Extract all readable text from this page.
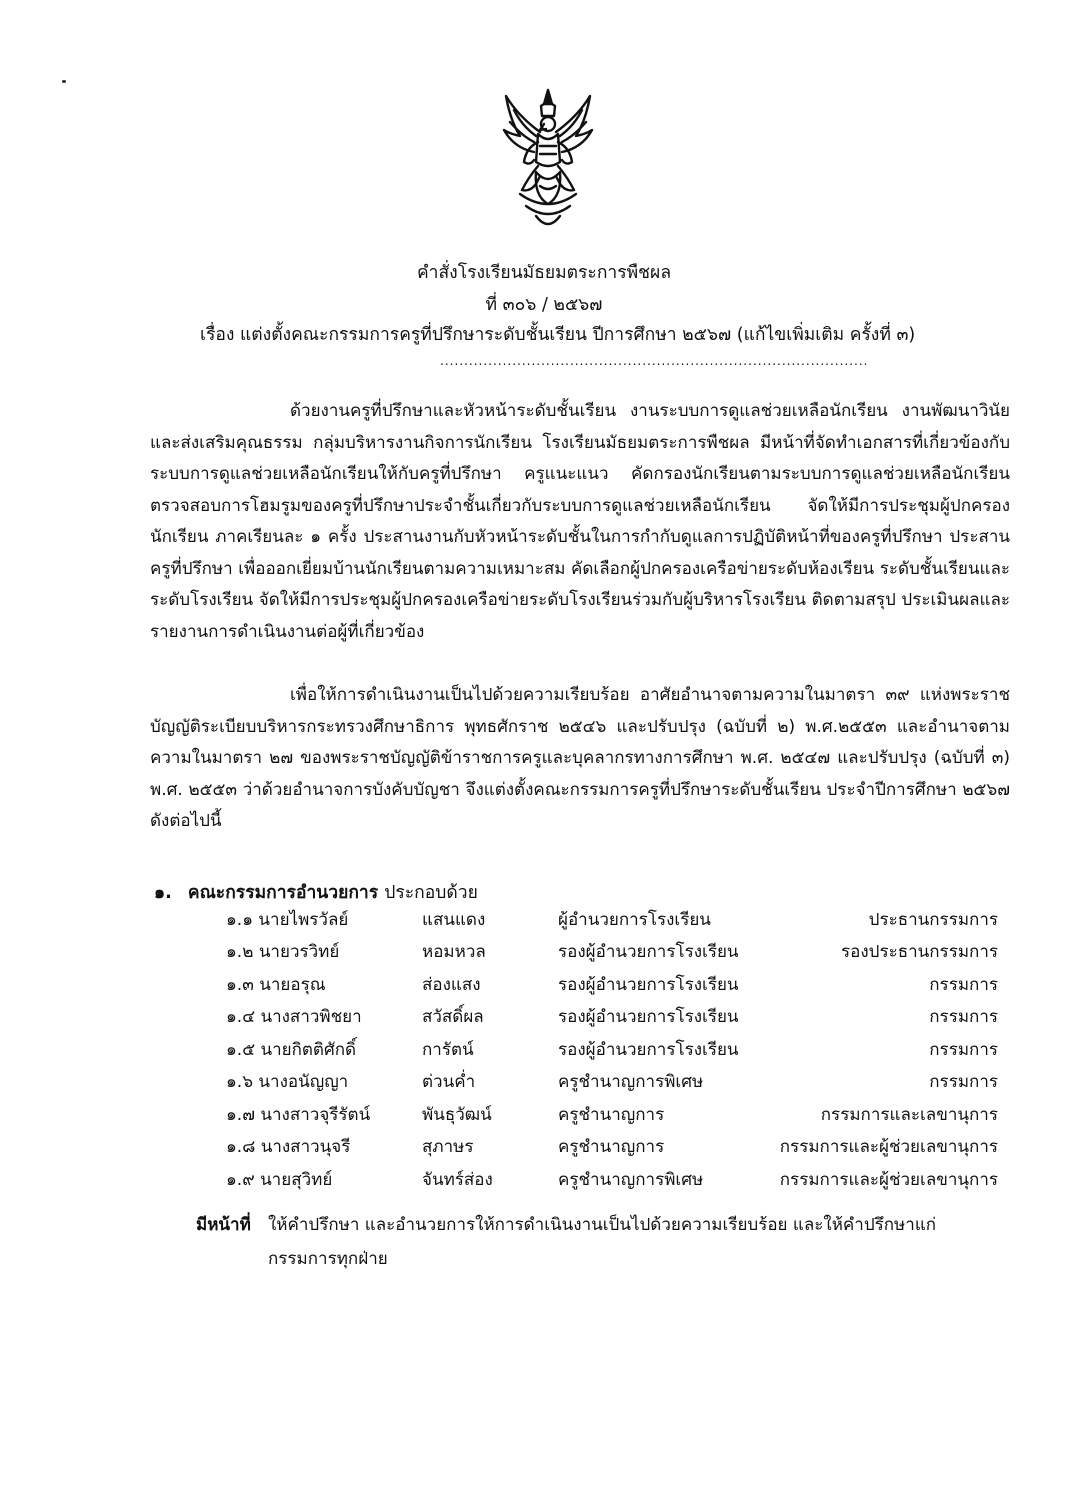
คำสั่งโรงเรียนมัธยมตระการพืชผล
ที่ ๓๐๖ / ๒๕๖๗
เรื่อง แต่งตั้งคณะกรรมการครูที่ปรึกษาระดับชั้นเรียน ปีการศึกษา ๒๕๖๗ (แก้ไขเพิ่มเติม ครั้งที่ ๓)
.........................................................................................
ด้วยงานครูที่ปรึกษาและหัวหน้าระดับชั้นเรียน งานระบบการดูแลช่วยเหลือนักเรียน งานพัฒนาวินัยและส่งเสริมคุณธรรม กลุ่มบริหารงานกิจการนักเรียน โรงเรียนมัธยมตระการพืชผล มีหน้าที่จัดทำเอกสารที่เกี่ยวข้องกับระบบการดูแลช่วยเหลือนักเรียนให้กับครูที่ปรึกษา ครูแนะแนว คัดกรองนักเรียนตามระบบการดูแลช่วยเหลือนักเรียน ตรวจสอบการโฮมรูมของครูที่ปรึกษาประจำชั้นเกี่ยวกับระบบการดูแลช่วยเหลือนักเรียน จัดให้มีการประชุมผู้ปกครองนักเรียน ภาคเรียนละ ๑ ครั้ง ประสานงานกับหัวหน้าระดับชั้นในการกำกับดูแลการปฏิบัติหน้าที่ของครูที่ปรึกษา ประสานครูที่ปรึกษา เพื่อออกเยี่ยมบ้านนักเรียนตามความเหมาะสม คัดเลือกผู้ปกครองเครือข่ายระดับห้องเรียน ระดับชั้นเรียนและระดับโรงเรียน จัดให้มีการประชุมผู้ปกครองเครือข่ายระดับโรงเรียนร่วมกับผู้บริหารโรงเรียน ติดตามสรุป ประเมินผลและรายงานการดำเนินงานต่อผู้ที่เกี่ยวข้อง
เพื่อให้การดำเนินงานเป็นไปด้วยความเรียบร้อย อาศัยอำนาจตามความในมาตรา ๓๙ แห่งพระราชบัญญัติระเบียบบริหารกระทรวงศึกษาธิการ พุทธศักราช ๒๕๔๖ และปรับปรุง (ฉบับที่ ๒) พ.ศ.๒๕๕๓ และอำนาจตามความในมาตรา ๒๗ ของพระราชบัญญัติข้าราชการครูและบุคลากรทางการศึกษา พ.ศ. ๒๕๔๗ และปรับปรุง (ฉบับที่ ๓) พ.ศ. ๒๕๕๓ ว่าด้วยอำนาจการบังคับบัญชา จึงแต่งตั้งคณะกรรมการครูที่ปรึกษาระดับชั้นเรียน ประจำปีการศึกษา ๒๕๖๗ ดังต่อไปนี้
๑. คณะกรรมการอำนวยการ ประกอบด้วย
๑.๑ นายไพรวัลย์	แสนแดง	ผู้อำนวยการโรงเรียน	ประธานกรรมการ
๑.๒ นายวรวิทย์	หอมหวล	รองผู้อำนวยการโรงเรียน	รองประธานกรรมการ
๑.๓ นายอรุณ	ส่องแสง	รองผู้อำนวยการโรงเรียน	กรรมการ
๑.๔ นางสาวพิชยา	สวัสดิ์ผล	รองผู้อำนวยการโรงเรียน	กรรมการ
๑.๕ นายกิตติศักดิ์	การัตน์	รองผู้อำนวยการโรงเรียน	กรรมการ
๑.๖ นางอนัญญา	ต่วนค่ำ	ครูชำนาญการพิเศษ	กรรมการ
๑.๗ นางสาวจุรีรัตน์	พันธุวัฒน์	ครูชำนาญการ	กรรมการและเลขานุการ
๑.๘ นางสาวนุจรี	สุภาษร	ครูชำนาญการ	กรรมการและผู้ช่วยเลขานุการ
๑.๙ นายสุวิทย์	จันทร์ส่อง	ครูชำนาญการพิเศษ	กรรมการและผู้ช่วยเลขานุการ
มีหน้าที่ ให้คำปรึกษา และอำนวยการให้การดำเนินงานเป็นไปด้วยความเรียบร้อย และให้คำปรึกษาแก่
กรรมการทุกฝ่าย
